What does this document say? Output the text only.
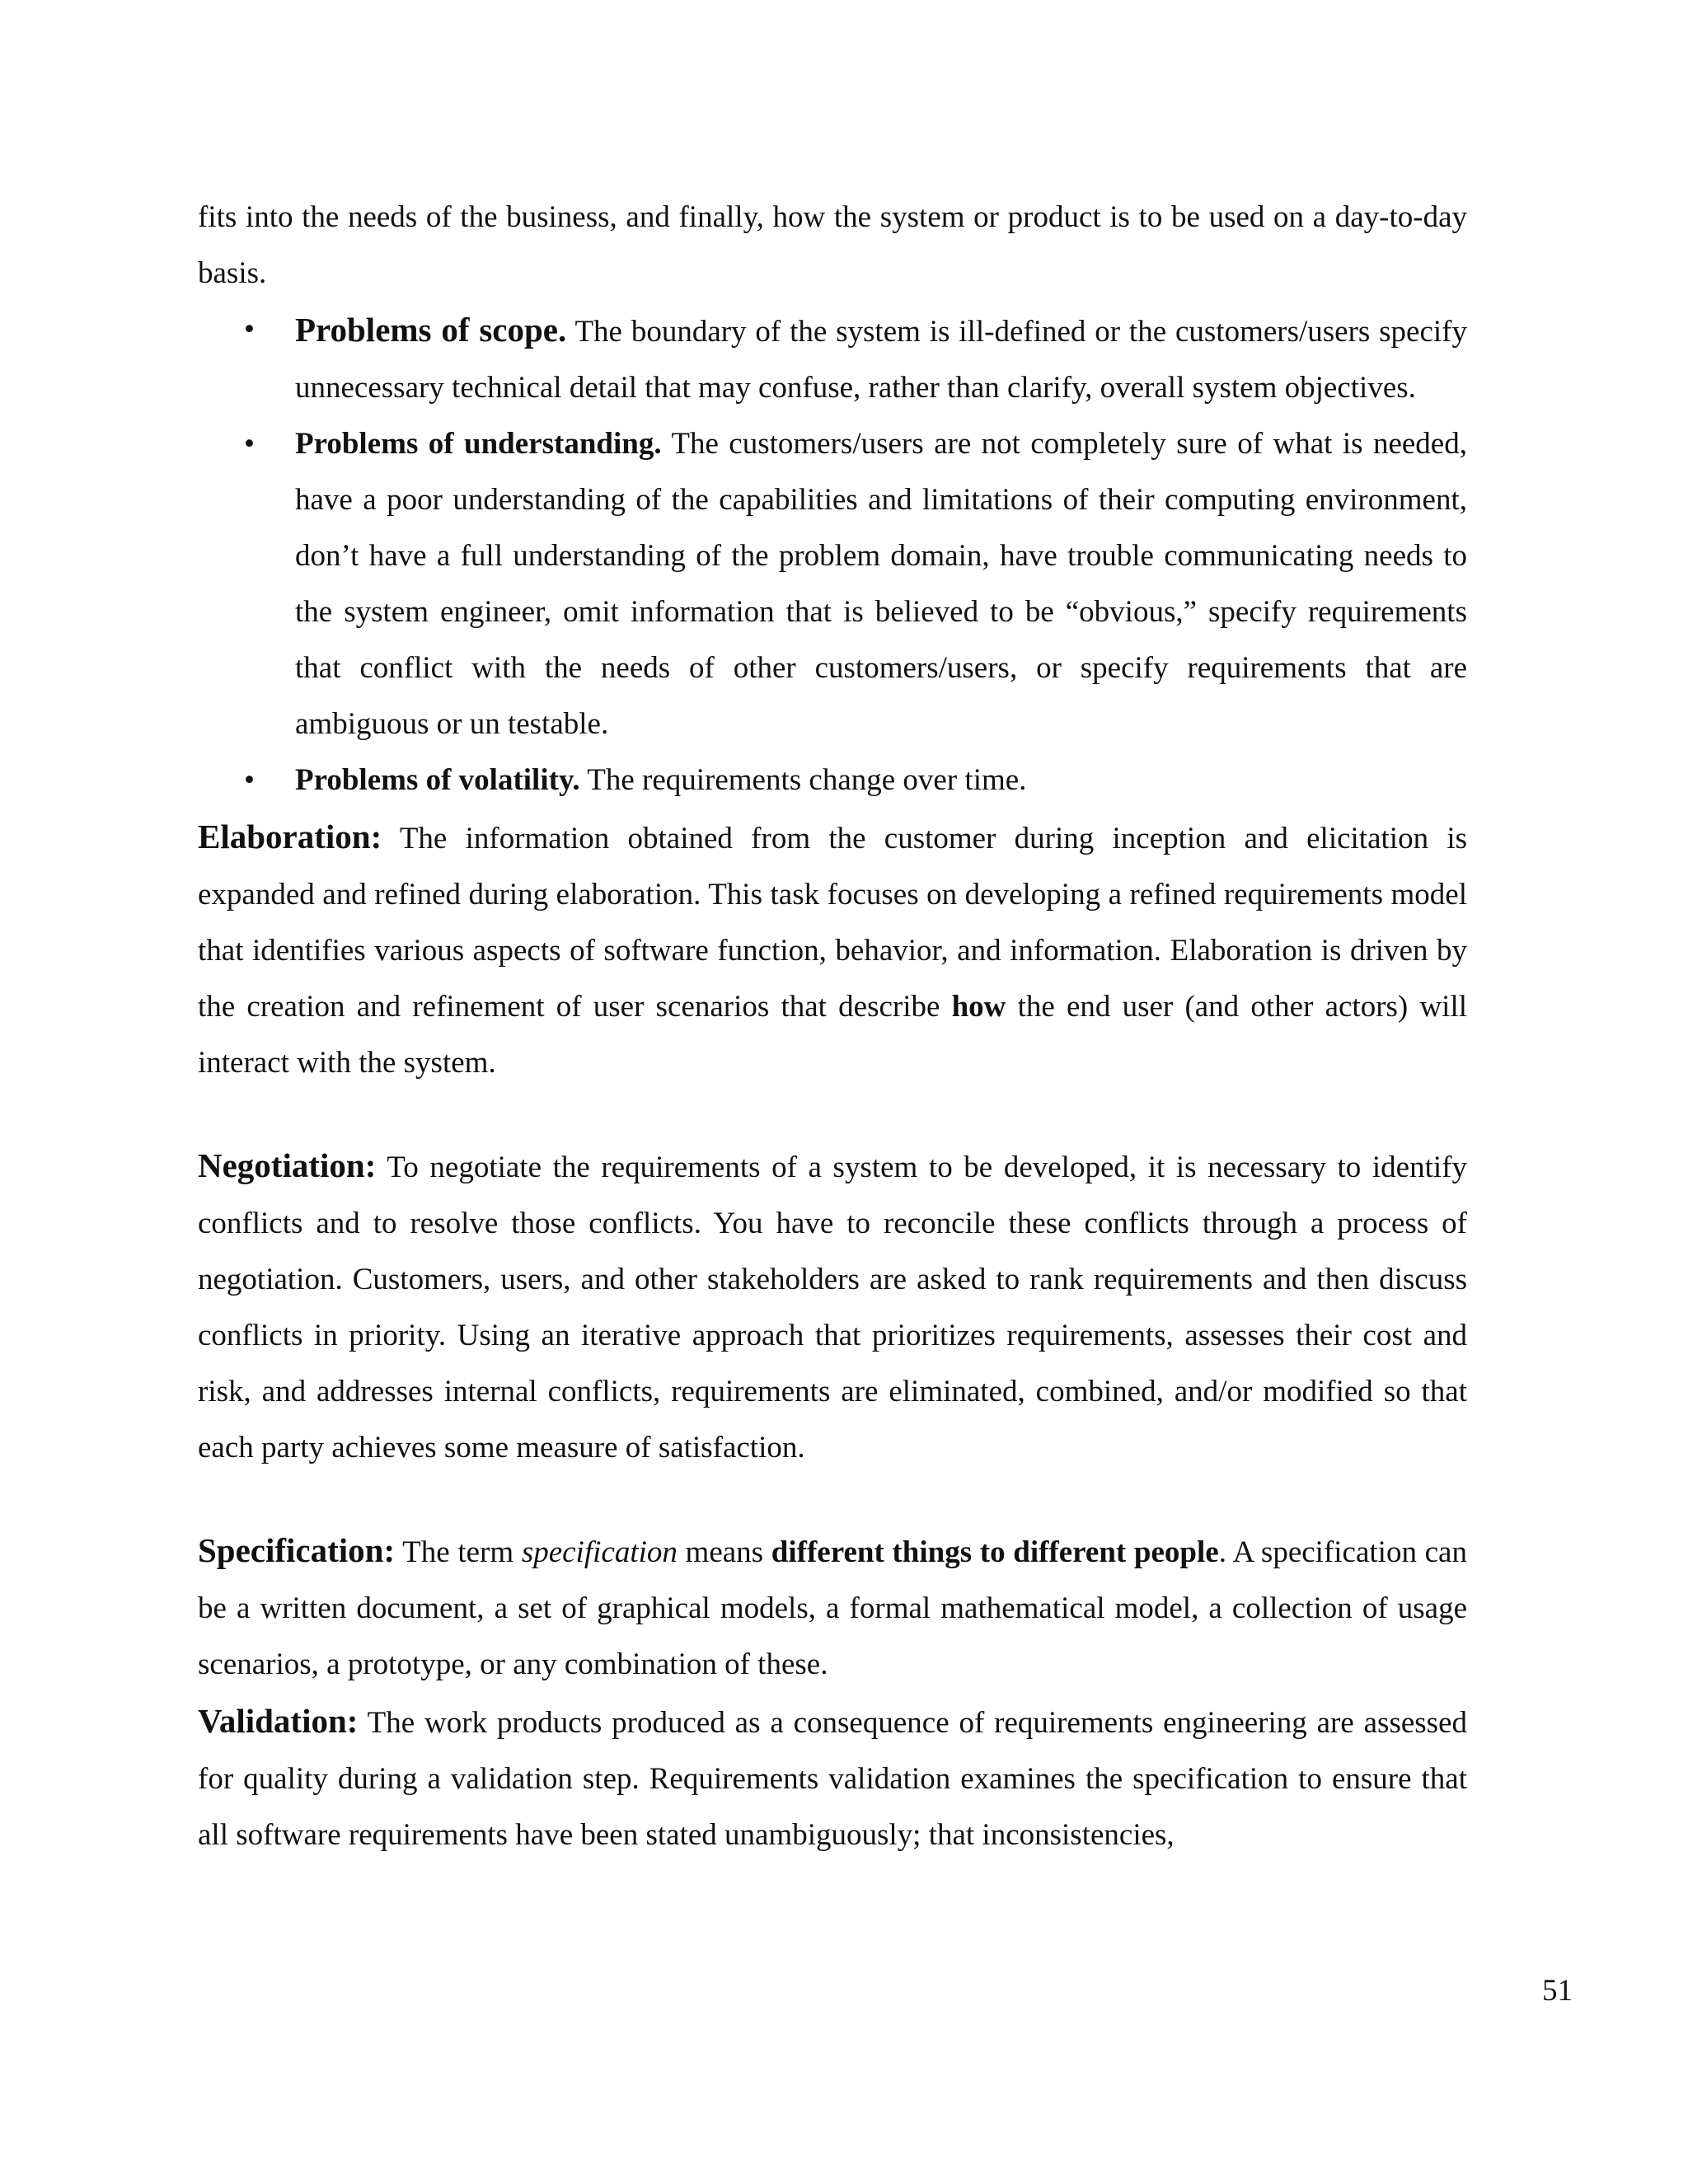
fits into the needs of the business, and finally, how the system or product is to be used on a day-to-day basis.

• Problems of scope. The boundary of the system is ill-defined or the customers/users specify unnecessary technical detail that may confuse, rather than clarify, overall system objectives.
• Problems of understanding. The customers/users are not completely sure of what is needed, have a poor understanding of the capabilities and limitations of their computing environment, don’t have a full understanding of the problem domain, have trouble communicating needs to the system engineer, omit information that is believed to be “obvious,” specify requirements that conflict with the needs of other customers/users, or specify requirements that are ambiguous or un testable.
• Problems of volatility. The requirements change over time.

Elaboration: The information obtained from the customer during inception and elicitation is expanded and refined during elaboration. This task focuses on developing a refined requirements model that identifies various aspects of software function, behavior, and information. Elaboration is driven by the creation and refinement of user scenarios that describe how the end user (and other actors) will interact with the system.

Negotiation: To negotiate the requirements of a system to be developed, it is necessary to identify conflicts and to resolve those conflicts. You have to reconcile these conflicts through a process of negotiation. Customers, users, and other stakeholders are asked to rank requirements and then discuss conflicts in priority. Using an iterative approach that prioritizes requirements, assesses their cost and risk, and addresses internal conflicts, requirements are eliminated, combined, and/or modified so that each party achieves some measure of satisfaction.

Specification: The term specification means different things to different people. A specification can be a written document, a set of graphical models, a formal mathematical model, a collection of usage scenarios, a prototype, or any combination of these.

Validation: The work products produced as a consequence of requirements engineering are assessed for quality during a validation step. Requirements validation examines the specification to ensure that all software requirements have been stated unambiguously; that inconsistencies,

51
